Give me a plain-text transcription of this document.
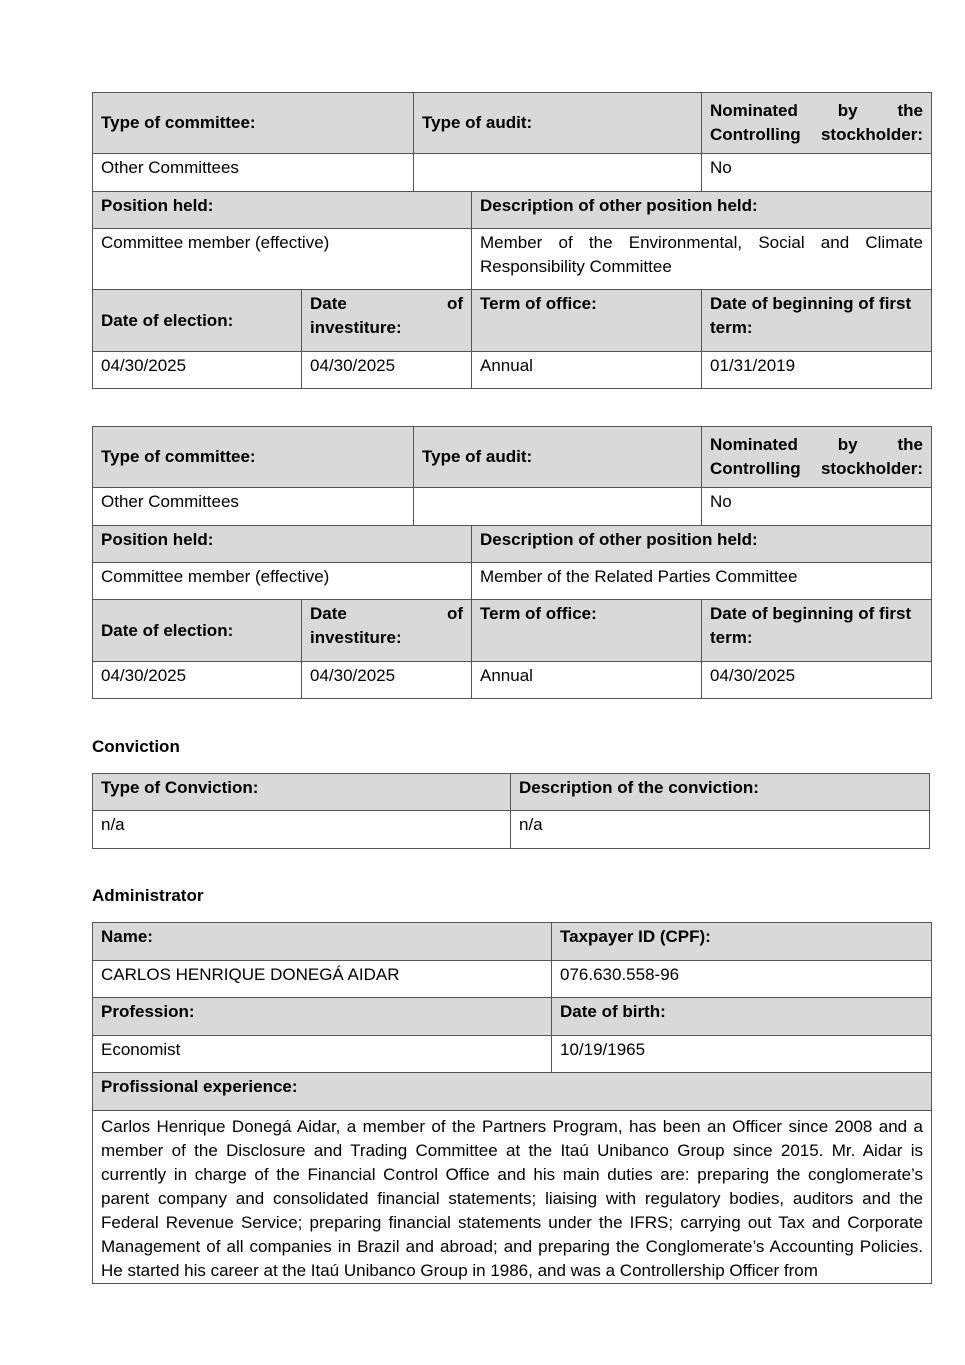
Type of committee:		Type of audit:		Nominated by the Controlling stockholder:
Other Committees				No
Position held:			Description of other position held:	
Committee member (effective)			Member of the Environmental, Social and Climate Responsibility Committee	
Date of election:	Date of investiture:		Term of office:	Date of beginning of first term:
04/30/2025	04/30/2025		Annual	01/31/2019
Type of committee:		Type of audit:		Nominated by the Controlling stockholder:
Other Committees				No
Position held:			Description of other position held:	
Committee member (effective)			Member of the Related Parties Committee	
Date of election:	Date of investiture:		Term of office:	Date of beginning of first term:
04/30/2025	04/30/2025		Annual	04/30/2025
Conviction
Type of Conviction:	Description of the conviction:
n/a	n/a
Administrator
Name:	Taxpayer ID (CPF):
CARLOS HENRIQUE DONEGÁ AIDAR	076.630.558-96
Profession:	Date of birth:
Economist	10/19/1965
Profissional experience:	
Carlos Henrique Donegá Aidar, a member of the Partners Program, has been an Officer since 2008 and a member of the Disclosure and Trading Committee at the Itaú Unibanco Group since 2015. Mr. Aidar is currently in charge of the Financial Control Office and his main duties are: preparing the conglomerate’s parent company and consolidated financial statements; liaising with regulatory bodies, auditors and the Federal Revenue Service; preparing financial statements under the IFRS; carrying out Tax and Corporate Management of all companies in Brazil and abroad; and preparing the Conglomerate’s Accounting Policies. He started his career at the Itaú Unibanco Group in 1986, and was a Controllership Officer from	
